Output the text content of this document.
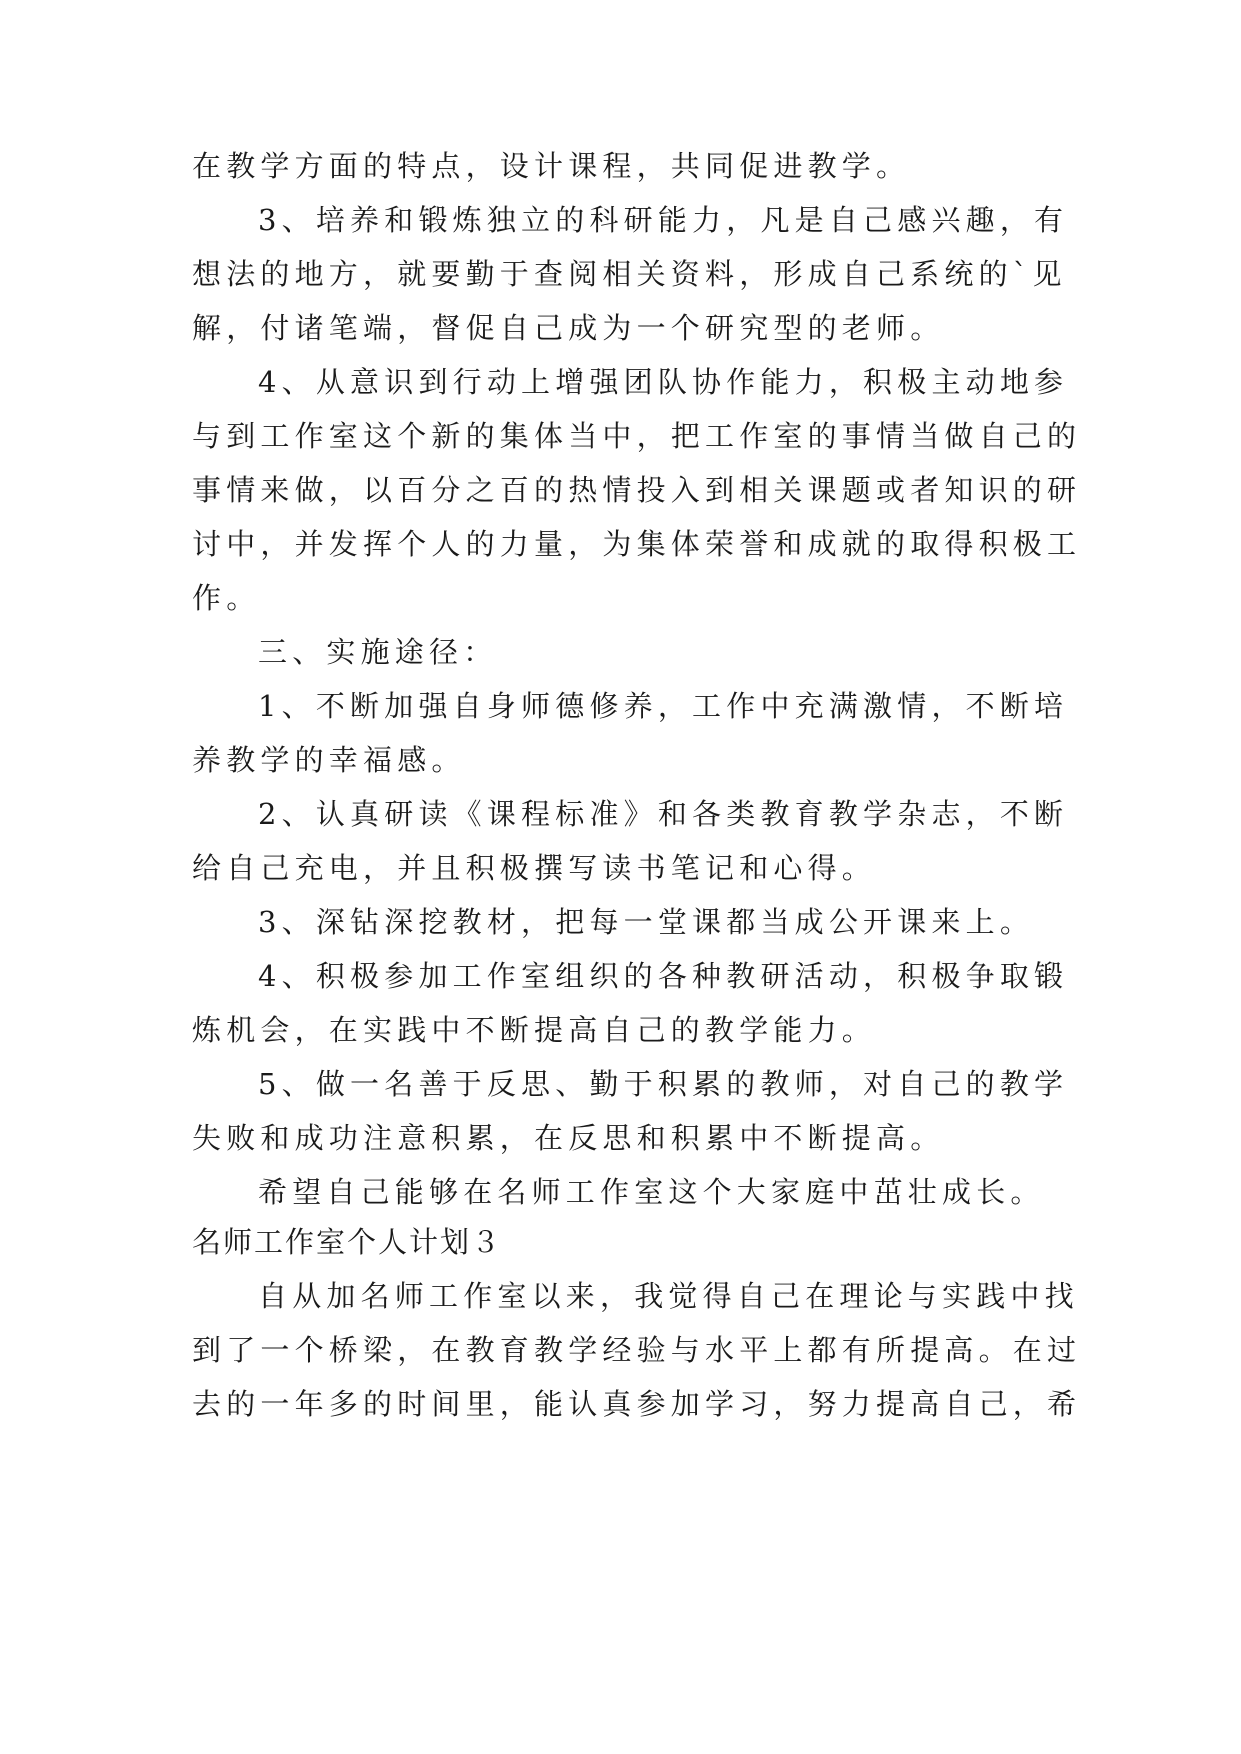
在教学方面的特点，设计课程，共同促进教学。
3、培养和锻炼独立的科研能力，凡是自己感兴趣，有
想法的地方，就要勤于查阅相关资料，形成自己系统的`见
解，付诸笔端，督促自己成为一个研究型的老师。
4、从意识到行动上增强团队协作能力，积极主动地参
与到工作室这个新的集体当中，把工作室的事情当做自己的
事情来做，以百分之百的热情投入到相关课题或者知识的研
讨中，并发挥个人的力量，为集体荣誉和成就的取得积极工
作。
三、实施途径：
1、不断加强自身师德修养，工作中充满激情，不断培
养教学的幸福感。
2、认真研读《课程标准》和各类教育教学杂志，不断
给自己充电，并且积极撰写读书笔记和心得。
3、深钻深挖教材，把每一堂课都当成公开课来上。
4、积极参加工作室组织的各种教研活动，积极争取锻
炼机会，在实践中不断提高自己的教学能力。
5、做一名善于反思、勤于积累的教师，对自己的教学
失败和成功注意积累，在反思和积累中不断提高。
希望自己能够在名师工作室这个大家庭中茁壮成长。
名师工作室个人计划３
自从加名师工作室以来，我觉得自己在理论与实践中找
到了一个桥梁，在教育教学经验与水平上都有所提高。在过
去的一年多的时间里，能认真参加学习，努力提高自己，希
